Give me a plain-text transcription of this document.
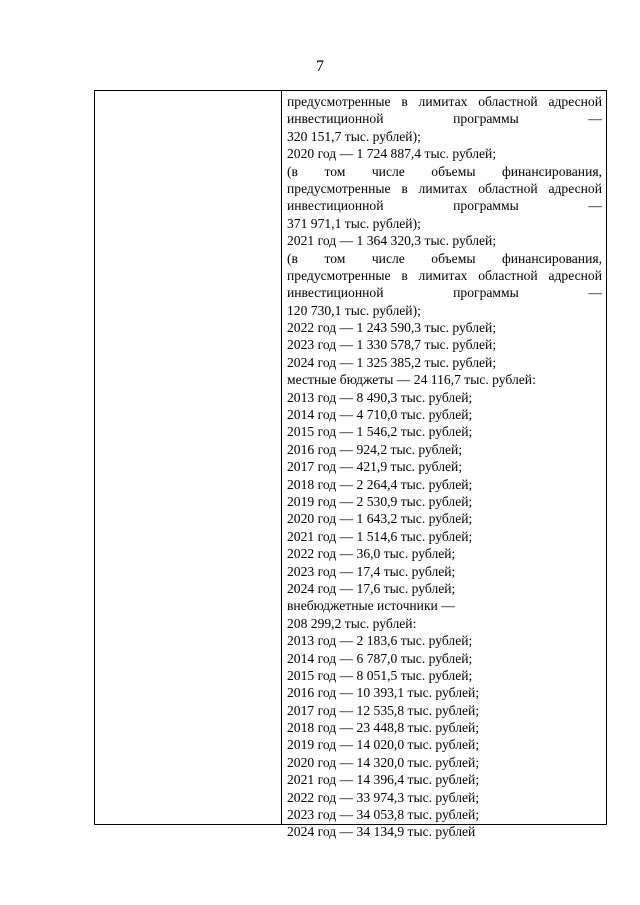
7
предусмотренные в лимитах областной адресной
инвестиционной	программы	—
320 151,7 тыс. рублей);
2020 год — 1 724 887,4 тыс. рублей;
(в том числе объемы финансирования,
предусмотренные в лимитах областной адресной
инвестиционной	программы	—
371 971,1 тыс. рублей);
2021 год — 1 364 320,3 тыс. рублей;
(в том числе объемы финансирования,
предусмотренные в лимитах областной адресной
инвестиционной	программы	—
120 730,1 тыс. рублей);
2022 год — 1 243 590,3 тыс. рублей;
2023 год — 1 330 578,7 тыс. рублей;
2024 год — 1 325 385,2 тыс. рублей;
местные бюджеты — 24 116,7 тыс. рублей:
2013 год — 8 490,3 тыс. рублей;
2014 год — 4 710,0 тыс. рублей;
2015 год — 1 546,2 тыс. рублей;
2016 год — 924,2 тыс. рублей;
2017 год — 421,9 тыс. рублей;
2018 год — 2 264,4 тыс. рублей;
2019 год — 2 530,9 тыс. рублей;
2020 год — 1 643,2 тыс. рублей;
2021 год — 1 514,6 тыс. рублей;
2022 год — 36,0 тыс. рублей;
2023 год — 17,4 тыс. рублей;
2024 год — 17,6 тыс. рублей;
внебюджетные источники —
208 299,2 тыс. рублей:
2013 год — 2 183,6 тыс. рублей;
2014 год — 6 787,0 тыс. рублей;
2015 год — 8 051,5 тыс. рублей;
2016 год — 10 393,1 тыс. рублей;
2017 год — 12 535,8 тыс. рублей;
2018 год — 23 448,8 тыс. рублей;
2019 год — 14 020,0 тыс. рублей;
2020 год — 14 320,0 тыс. рублей;
2021 год — 14 396,4 тыс. рублей;
2022 год — 33 974,3 тыс. рублей;
2023 год — 34 053,8 тыс. рублей;
2024 год — 34 134,9 тыс. рублей
